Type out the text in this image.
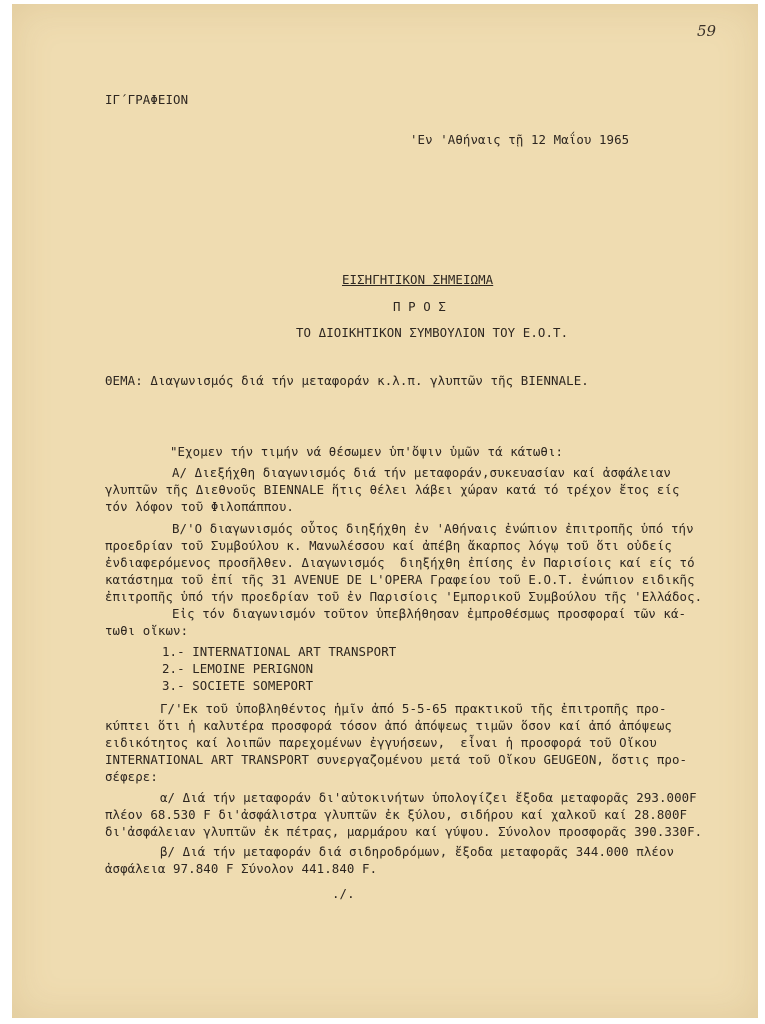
59
ΙΓ΄ΓΡΑΦΕΙΟΝ
'Εν 'Αθήναις τῇ 12 Μαΐου 1965
ΕΙΣΗΓΗΤΙΚΟΝ ΣΗΜΕΙΩΜΑ
Π Ρ Ο Σ
ΤΟ ΔΙΟΙΚΗΤΙΚΟΝ ΣΥΜΒΟΥΛΙΟΝ ΤΟΥ Ε.Ο.Τ.
ΘΕΜΑ: Διαγωνισμός διά τήν μεταφοράν κ.λ.π. γλυπτῶν τῆς BIENNALE.
"Εχομεν τήν τιμήν νά θέσωμεν ὑπ'ὄψιν ὑμῶν τά κάτωθι:
Α/ Διεξήχθη διαγωνισμός διά τήν μεταφοράν,συκευασίαν καί ἀσφάλειαν
γλυπτῶν τῆς Διεθνοῦς BIENNALE ἥτις θέλει λάβει χώραν κατά τό τρέχον ἔτος είς
τόν λόφον τοῦ Φιλοπάππου.
Β/'Ο διαγωνισμός οὗτος διηξήχθη ἐν 'Αθήναις ἐνώπιον ἐπιτροπῆς ὑπό τήν
προεδρίαν τοῦ Συμβούλου κ. Μανωλέσσου καί ἀπέβη ἄκαρπος λόγῳ τοῦ ὅτι οὐδείς
ἐνδιαφερόμενος προσῆλθεν. Διαγωνισμός  διηξήχθη ἐπίσης ἐν Παρισίοις καί είς τό
κατάστημα τοῦ ἐπί τῆς 31 AVENUE DE L'OPERA Γραφείου τοῦ Ε.Ο.Τ. ἐνώπιον ειδικῆς
ἐπιτροπῆς ὑπό τήν προεδρίαν τοῦ ἐν Παρισίοις 'Εμπορικοῦ Συμβούλου τῆς 'Ελλάδος.
Εἰς τόν διαγωνισμόν τοῦτον ὑπεβλήθησαν ἐμπροθέσμως προσφοραί τῶν κά-
τωθι οἴκων:
1.- INTERNATIONAL ART TRANSPORT
2.- LEMOINE PERIGNON
3.- SOCIETE SOMEPORT
Γ/'Εκ τοῦ ὑποβληθέντος ἡμῖν ἀπό 5-5-65 πρακτικοῦ τῆς ἐπιτροπῆς προ-
κύπτει ὅτι ἡ καλυτέρα προσφορά τόσον ἀπό ἀπόψεως τιμῶν ὅσον καί ἀπό ἀπόψεως
ειδικότητος καί λοιπῶν παρεχομένων ἐγγυήσεων,  εἶναι ἡ προσφορά τοῦ Οἴκου
INTERNATIONAL ART TRANSPORT συνεργαζομένου μετά τοῦ Οἴκου GEUGEON, ὅστις προ-
σέφερε:
α/ Διά τήν μεταφοράν δι'αὐτοκινήτων ὑπολογίζει ἔξοδα μεταφορᾶς 293.000F
πλέον 68.530 F δι'ἀσφάλιστρα γλυπτῶν ἐκ ξύλου, σιδήρου καί χαλκοῦ καί 28.800F
δι'ἀσφάλειαν γλυπτῶν ἐκ πέτρας, μαρμάρου καί γύψου. Σύνολον προσφορᾶς 390.330F.
β/ Διά τήν μεταφοράν διά σιδηροδρόμων, ἔξοδα μεταφορᾶς 344.000 πλέον
ἀσφάλεια 97.840 F Σύνολον 441.840 F.
./.
